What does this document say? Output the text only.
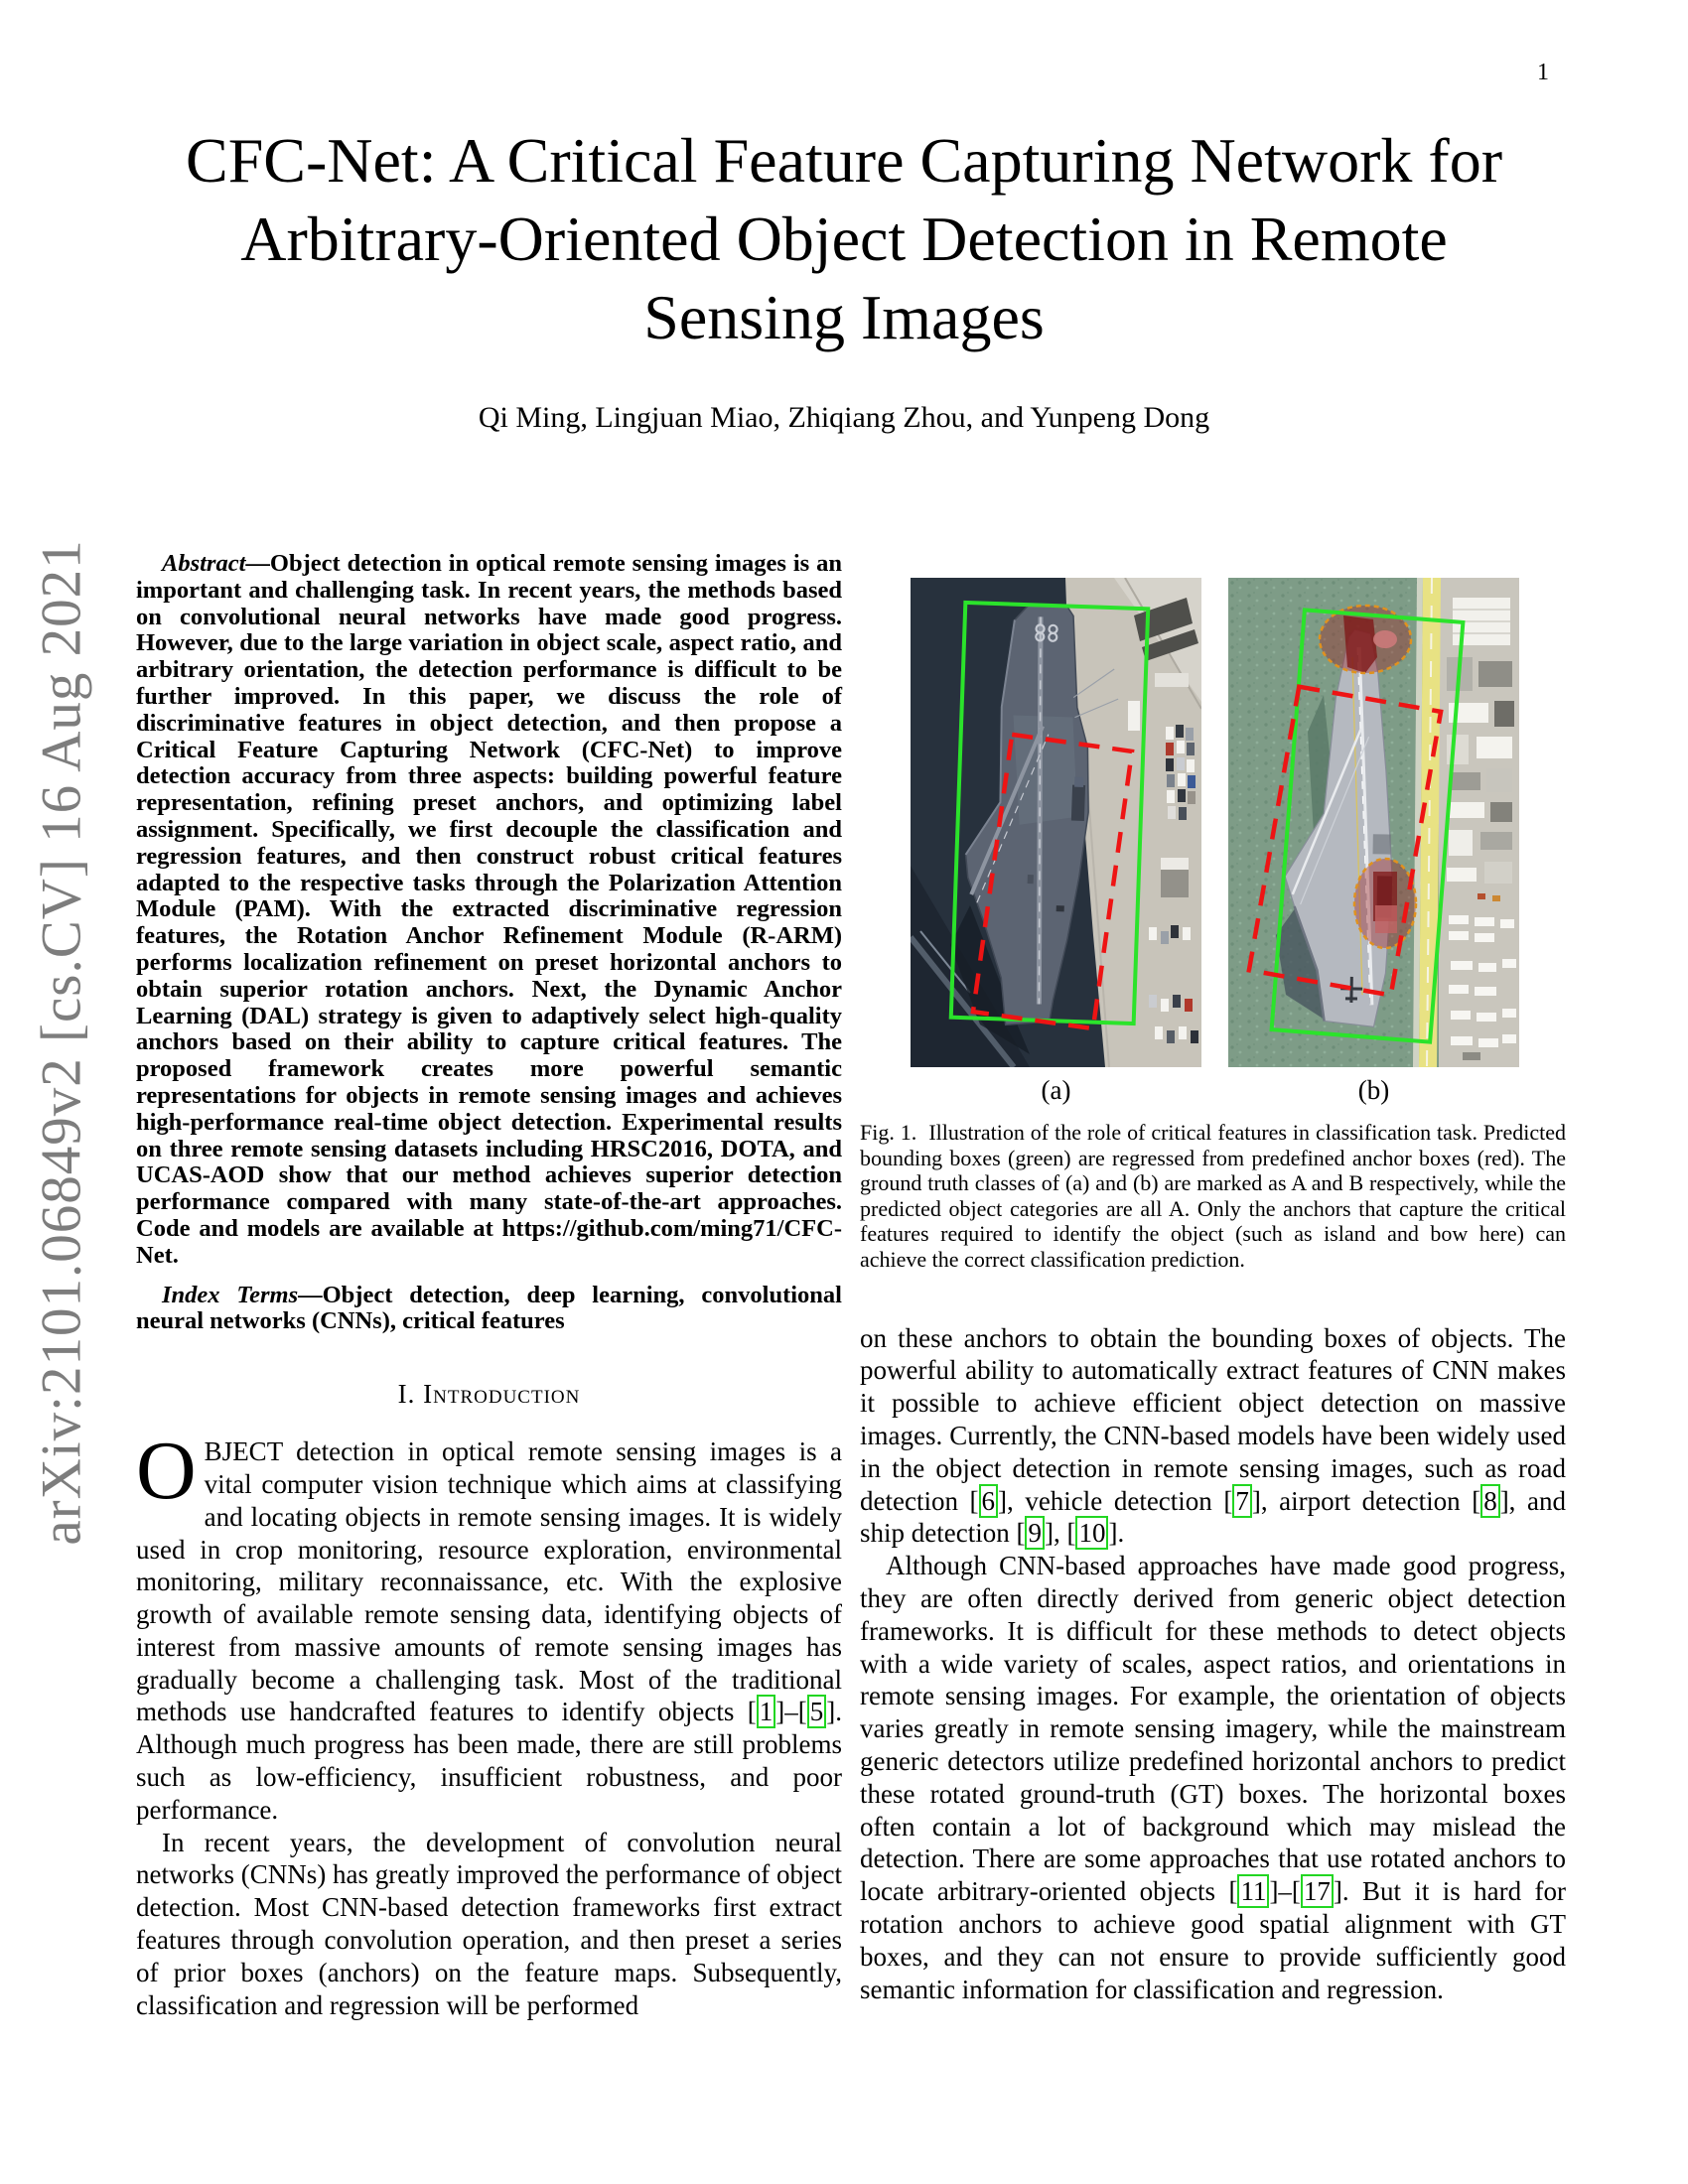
1
arXiv:2101.06849v2 [cs.CV] 16 Aug 2021
CFC-Net: A Critical Feature Capturing Network for
Arbitrary-Oriented Object Detection in Remote
Sensing Images
Qi Ming, Lingjuan Miao, Zhiqiang Zhou, and Yunpeng Dong

Abstract—Object detection in optical remote sensing images is an important and challenging task. In recent years, the methods based on convolutional neural networks have made good progress. However, due to the large variation in object scale, aspect ratio, and arbitrary orientation, the detection performance is difficult to be further improved. In this paper, we discuss the role of discriminative features in object detection, and then propose a Critical Feature Capturing Network (CFC-Net) to improve detection accuracy from three aspects: building powerful feature representation, refining preset anchors, and optimizing label assignment. Specifically, we first decouple the classification and regression features, and then construct robust critical features adapted to the respective tasks through the Polarization Attention Module (PAM). With the extracted discriminative regression features, the Rotation Anchor Refinement Module (R-ARM) performs localization refinement on preset horizontal anchors to obtain superior rotation anchors. Next, the Dynamic Anchor Learning (DAL) strategy is given to adaptively select high-quality anchors based on their ability to capture critical features. The proposed framework creates more powerful semantic representations for objects in remote sensing images and achieves high-performance real-time object detection. Experimental results on three remote sensing datasets including HRSC2016, DOTA, and UCAS-AOD show that our method achieves superior detection performance compared with many state-of-the-art approaches. Code and models are available at https://github.com/ming71/CFC-Net.

Index Terms—Object detection, deep learning, convolutional neural networks (CNNs), critical features

I. Introduction

OBJECT detection in optical remote sensing images is a vital computer vision technique which aims at classifying and locating objects in remote sensing images. It is widely used in crop monitoring, resource exploration, environmental monitoring, military reconnaissance, etc. With the explosive growth of available remote sensing data, identifying objects of interest from massive amounts of remote sensing images has gradually become a challenging task. Most of the traditional methods use handcrafted features to identify objects [ 1 ]–[ 5 ]. Although much progress has been made, there are still problems such as low-efficiency, insufficient robustness, and poor performance.

In recent years, the development of convolution neural networks (CNNs) has greatly improved the performance of object detection. Most CNN-based detection frameworks first extract features through convolution operation, and then preset a series of prior boxes (anchors) on the feature maps. Subsequently, classification and regression will be performed

(a)	(b)
Fig. 1. Illustration of the role of critical features in classification task. Predicted bounding boxes (green) are regressed from predefined anchor boxes (red). The ground truth classes of (a) and (b) are marked as A and B respectively, while the predicted object categories are all A. Only the anchors that capture the critical features required to identify the object (such as island and bow here) can achieve the correct classification prediction.

on these anchors to obtain the bounding boxes of objects. The powerful ability to automatically extract features of CNN makes it possible to achieve efficient object detection on massive images. Currently, the CNN-based models have been widely used in the object detection in remote sensing images, such as road detection [ 6 ], vehicle detection [ 7 ], airport detection [ 8 ], and ship detection [ 9 ], [ 10 ].

Although CNN-based approaches have made good progress, they are often directly derived from generic object detection frameworks. It is difficult for these methods to detect objects with a wide variety of scales, aspect ratios, and orientations in remote sensing images. For example, the orientation of objects varies greatly in remote sensing imagery, while the mainstream generic detectors utilize predefined horizontal anchors to predict these rotated ground-truth (GT) boxes. The horizontal boxes often contain a lot of background which may mislead the detection. There are some approaches that use rotated anchors to locate arbitrary-oriented objects [ 11 ]–[ 17 ]. But it is hard for rotation anchors to achieve good spatial alignment with GT boxes, and they can not ensure to provide sufficiently good semantic information for classification and regression.
